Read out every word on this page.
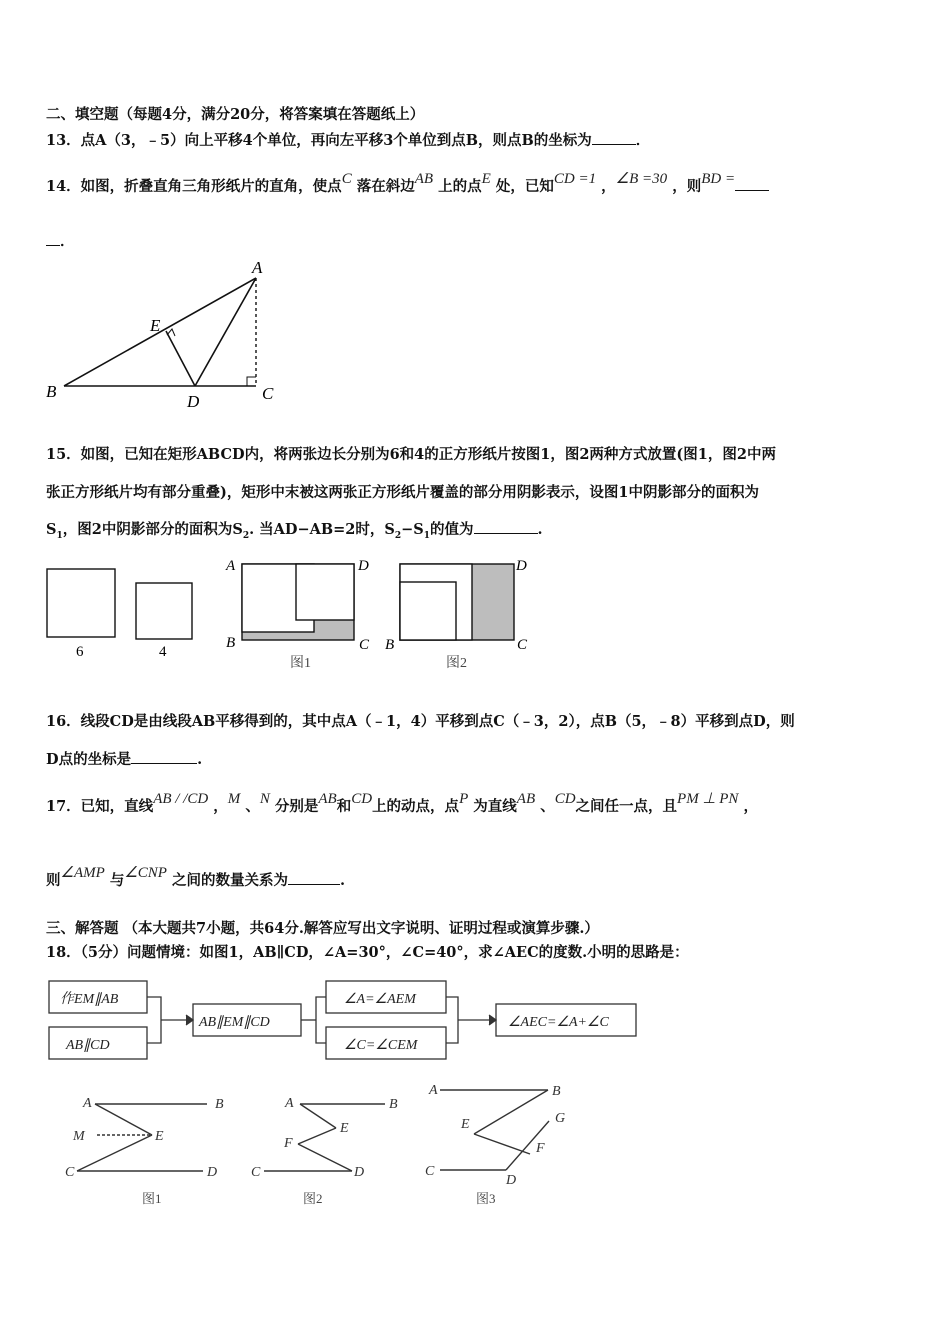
二、填空题（每题4分，满分20分，将答案填在答题纸上）
13．点A（3，﹣5）向上平移4个单位，再向左平移3个单位到点B，则点B的坐标为	．
14．如图，折叠直角三角形纸片的直角，使点C 落在斜边AB 上的点E 处，已知CD =1 ，∠B =30 ，则BD =
．
A
E
B
D	C
15．如图，已知在矩形ABCD内，将两张边长分别为6和4的正方形纸片按图1，图2两种方式放置(图1，图2中两
张正方形纸片均有部分重叠)，矩形中末被这两张正方形纸片覆盖的部分用阴影表示，设图1中阴影部分的面积为
$S_1$，图2中阴影部分的面积为$S_2$. 当AD−AB=2时，$S_2-S_1$的值为	.
6	4
A
B	C
D
图1
B	C
D
图2
16．线段CD是由线段AB平移得到的，其中点A（﹣1，4）平移到点C（﹣3，2），点B（5，﹣8）平移到点D，则
D点的坐标是	.
17．已知，直线AB / /CD ，M 、N 分别是AB和CD上的动点，点P 为直线AB 、CD之间任一点，且PM ⊥ PN ，
则∠AMP 与∠CNP 之间的数量关系为	.
三、解答题 （本大题共7小题，共64分.解答应写出文字说明、证明过程或演算步骤.）
18．（5分）问题情境：如图1，AB∥CD，∠A=30°，∠C=40°，求∠AEC的度数.小明的思路是：
作EM∥AB
AB∥CD
AB∥EM∥CD
∠A=∠AEM
∠C=∠CEM
∠AEC=∠A+∠C
A	B
M	E
C	D
A	B
F
E
C	D
A	B
E	G
F
C
D
图1	图2	图3
